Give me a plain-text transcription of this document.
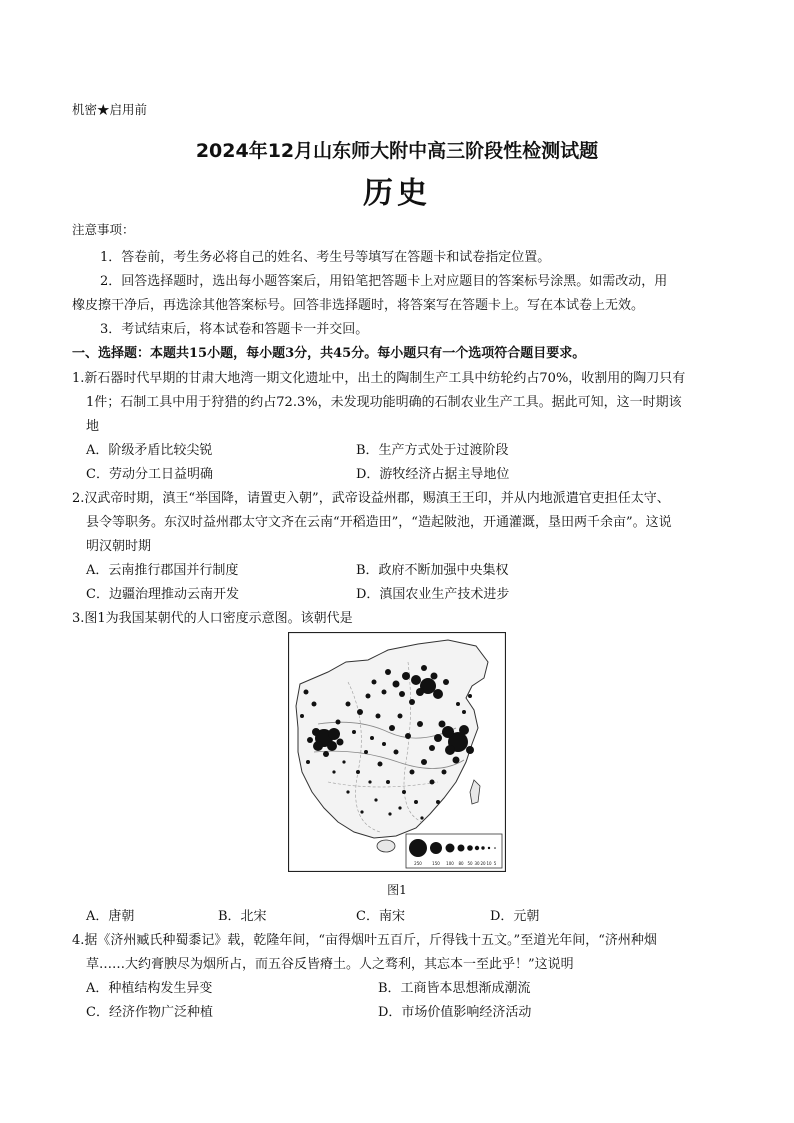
机密★启用前
2024年12月山东师大附中高三阶段性检测试题
历史
注意事项：
1．答卷前，考生务必将自己的姓名、考生号等填写在答题卡和试卷指定位置。
2．回答选择题时，选出每小题答案后，用铅笔把答题卡上对应题目的答案标号涂黑。如需改动，用
橡皮擦干净后，再选涂其他答案标号。回答非选择题时，将答案写在答题卡上。写在本试卷上无效。
3．考试结束后，将本试卷和答题卡一并交回。
一、选择题：本题共15小题，每小题3分，共45分。每小题只有一个选项符合题目要求。
1.新石器时代早期的甘肃大地湾一期文化遗址中，出土的陶制生产工具中纺轮约占70%，收割用的陶刀只有
1件；石制工具中用于狩猎的约占72.3%，未发现功能明确的石制农业生产工具。据此可知，这一时期该
地
A．阶级矛盾比较尖锐	B．生产方式处于过渡阶段
C．劳动分工日益明确	D．游牧经济占据主导地位
2.汉武帝时期，滇王“举国降，请置吏入朝”，武帝设益州郡，赐滇王王印，并从内地派遣官吏担任太守、
县令等职务。东汉时益州郡太守文齐在云南“开稻造田”，“造起陂池，开通灌溉，垦田两千余亩”。这说
明汉朝时期
A．云南推行郡国并行制度	B．政府不断加强中央集权
C．边疆治理推动云南开发	D．滇国农业生产技术进步
3.图1为我国某朝代的人口密度示意图。该朝代是
250	150 100 80 50 30 20 10 5
图1
A．唐朝	B．北宋	C．南宋	D．元朝
4.据《济州臧氏种蜀黍记》载，乾隆年间，“亩得烟叶五百斤，斤得钱十五文。”至道光年间，“济州种烟
草……大约膏腴尽为烟所占，而五谷反皆瘠土。人之骛利，其忘本一至此乎！”这说明
A．种植结构发生异变	B．工商皆本思想渐成潮流
C．经济作物广泛种植	D．市场价值影响经济活动
